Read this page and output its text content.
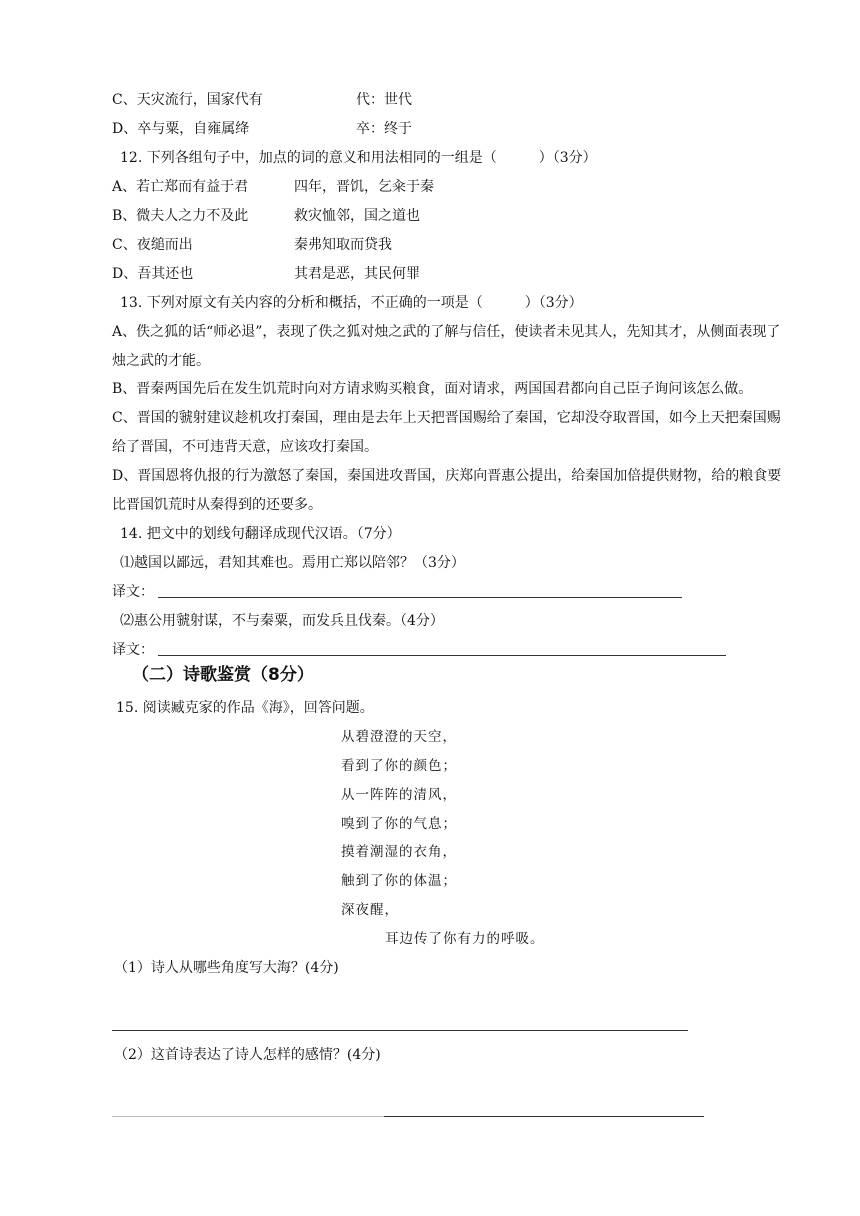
C、天灾流行，国家代有	代：世代
D、卒与粟，自雍属绛	卒：终于
12. 下列各组句子中，加点的词的意义和用法相同的一组是（　　　）（3分）
A、若亡郑而有益于君	四年，晋饥，乞籴于秦
B、微夫人之力不及此	救灾恤邻，国之道也
C、夜缒而出	秦弗知取而贷我
D、吾其还也	其君是恶，其民何罪
13. 下列对原文有关内容的分析和概括，不正确的一项是（　　　）（3分）
A、佚之狐的话“师必退”，表现了佚之狐对烛之武的了解与信任，使读者未见其人，先知其才，从侧面表现了烛之武的才能。
B、晋秦两国先后在发生饥荒时向对方请求购买粮食，面对请求，两国国君都向自己臣子询问该怎么做。
C、晋国的虢射建议趁机攻打秦国，理由是去年上天把晋国赐给了秦国，它却没夺取晋国，如今上天把秦国赐给了晋国，不可违背天意，应该攻打秦国。
D、晋国恩将仇报的行为激怒了秦国，秦国进攻晋国，庆郑向晋惠公提出，给秦国加倍提供财物，给的粮食要比晋国饥荒时从秦得到的还要多。
14. 把文中的划线句翻译成现代汉语。（7分）
⑴越国以鄙远，君知其难也。焉用亡郑以陪邻？（3分）
译文：
⑵惠公用虢射谋，不与秦粟，而发兵且伐秦。（4分）
译文：
（二）诗歌鉴赏（8分）
15. 阅读臧克家的作品《海》，回答问题。
从碧澄澄的天空，
看到了你的颜色；
从一阵阵的清风，
嗅到了你的气息；
摸着潮湿的衣角，
触到了你的体温；
深夜醒，
耳边传了你有力的呼吸。
（1）诗人从哪些角度写大海？(4分)
（2）这首诗表达了诗人怎样的感情？(4分)
